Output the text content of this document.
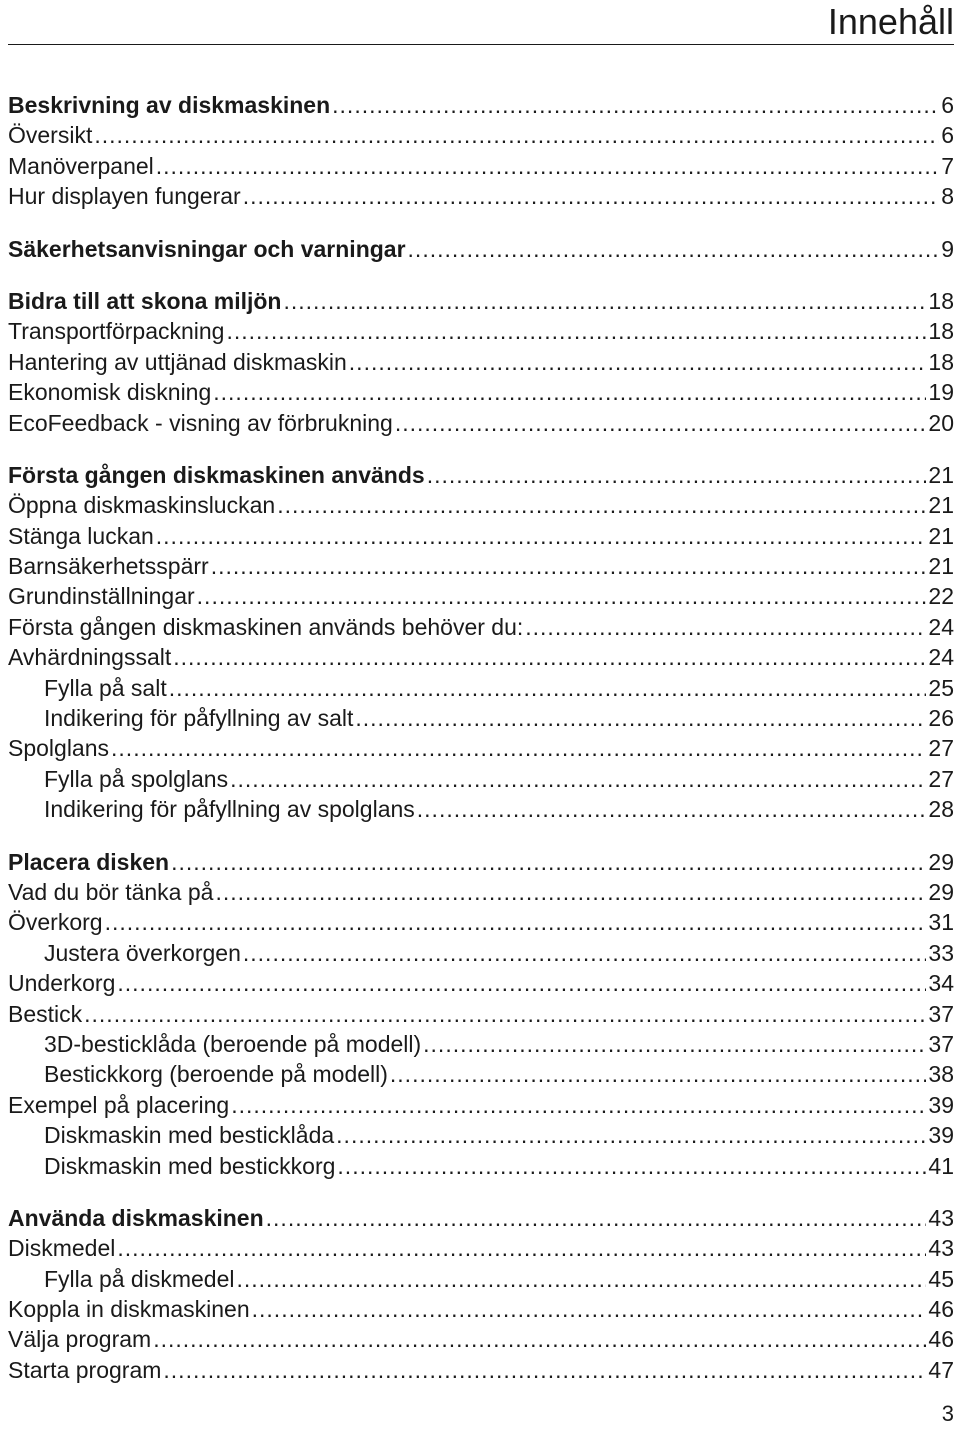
Innehåll
Beskrivning av diskmaskinen .....	6
Översikt .....	6
Manöverpanel .....	7
Hur displayen fungerar .....	8
Säkerhetsanvisningar och varningar .....	9
Bidra till att skona miljön .....	18
Transportförpackning .....	18
Hantering av uttjänad diskmaskin .....	18
Ekonomisk diskning .....	19
EcoFeedback - visning av förbrukning .....	20
Första gången diskmaskinen används .....	21
Öppna diskmaskinsluckan .....	21
Stänga luckan .....	21
Barnsäkerhetsspärr .....	21
Grundinställningar .....	22
Första gången diskmaskinen används behöver du: .....	24
Avhärdningssalt .....	24
Fylla på salt .....	25
Indikering för påfyllning av salt .....	26
Spolglans .....	27
Fylla på spolglans .....	27
Indikering för påfyllning av spolglans .....	28
Placera disken .....	29
Vad du bör tänka på .....	29
Överkorg .....	31
Justera överkorgen .....	33
Underkorg .....	34
Bestick .....	37
3D-besticklåda (beroende på modell) .....	37
Bestickkorg (beroende på modell) .....	38
Exempel på placering .....	39
Diskmaskin med besticklåda .....	39
Diskmaskin med bestickkorg .....	41
Använda diskmaskinen .....	43
Diskmedel .....	43
Fylla på diskmedel .....	45
Koppla in diskmaskinen .....	46
Välja program .....	46
Starta program .....	47
3
